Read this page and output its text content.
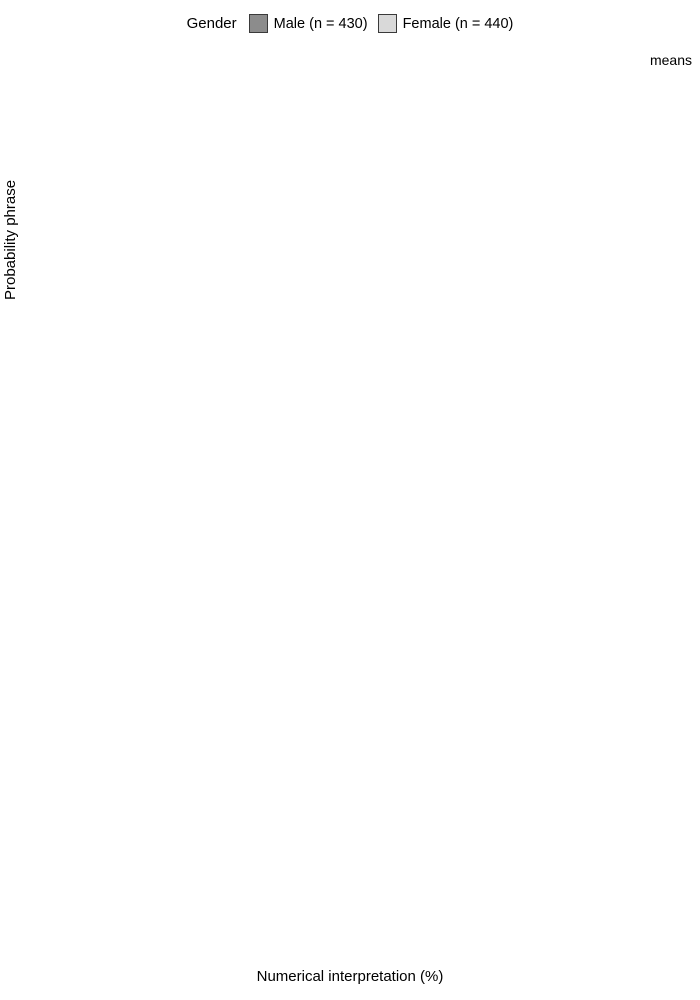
Gender	Male (n = 430) Female (n = 440)
Probability phrase
Numerical interpretation (%)
means
